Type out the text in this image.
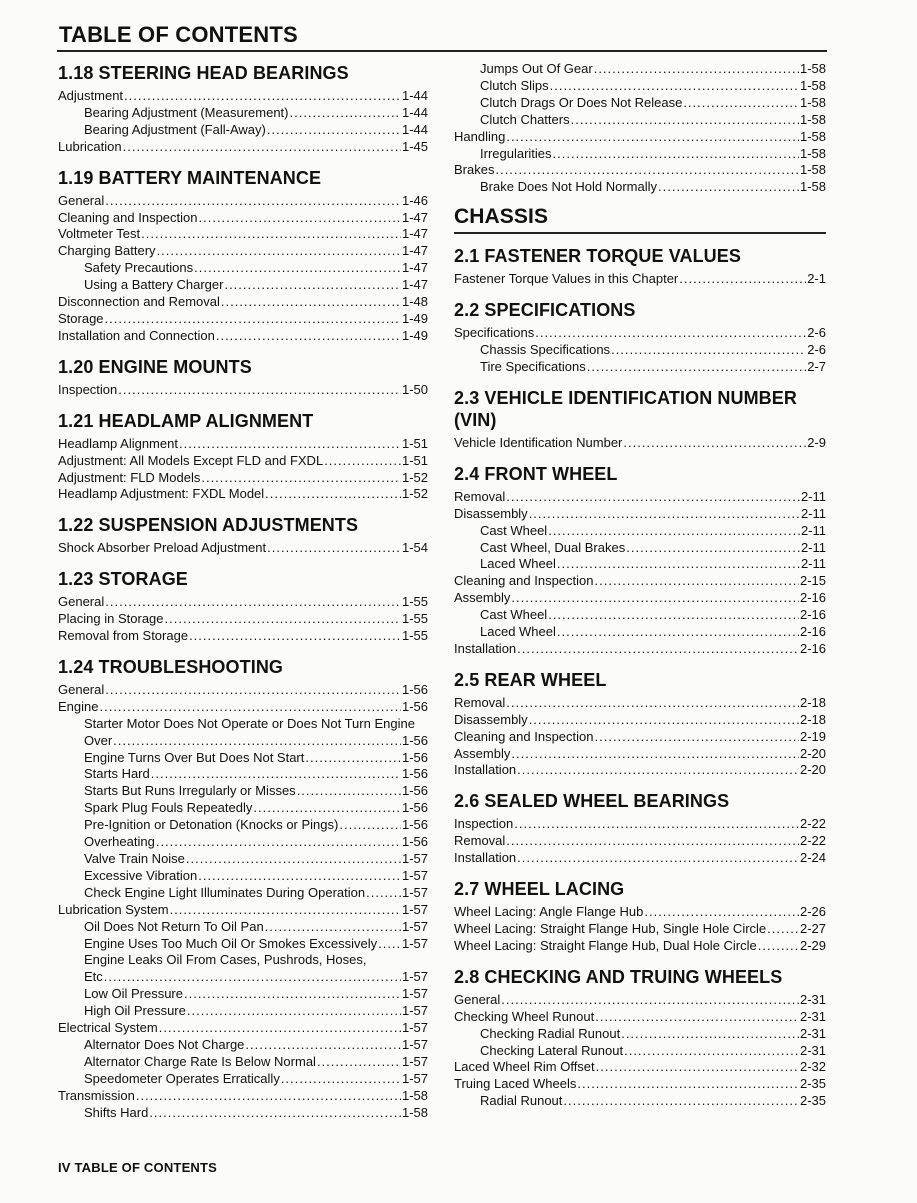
TABLE OF CONTENTS
1.18 STEERING HEAD BEARINGS
Adjustment .....	1-44
Bearing Adjustment (Measurement) .....	1-44
Bearing Adjustment (Fall-Away) .....	1-44
Lubrication .....	1-45
1.19 BATTERY MAINTENANCE
General .....	1-46
Cleaning and Inspection .....	1-47
Voltmeter Test .....	1-47
Charging Battery .....	1-47
Safety Precautions .....	1-47
Using a Battery Charger .....	1-47
Disconnection and Removal .....	1-48
Storage .....	1-49
Installation and Connection .....	1-49
1.20 ENGINE MOUNTS
Inspection .....	1-50
1.21 HEADLAMP ALIGNMENT
Headlamp Alignment .....	1-51
Adjustment: All Models Except FLD and FXDL .....	1-51
Adjustment: FLD Models .....	1-52
Headlamp Adjustment: FXDL Model .....	1-52
1.22 SUSPENSION ADJUSTMENTS
Shock Absorber Preload Adjustment .....	1-54
1.23 STORAGE
General .....	1-55
Placing in Storage .....	1-55
Removal from Storage .....	1-55
1.24 TROUBLESHOOTING
General .....	1-56
Engine .....	1-56
Starter Motor Does Not Operate or Does Not Turn Engine
Over .....	1-56
Engine Turns Over But Does Not Start .....	1-56
Starts Hard .....	1-56
Starts But Runs Irregularly or Misses .....	1-56
Spark Plug Fouls Repeatedly .....	1-56
Pre-Ignition or Detonation (Knocks or Pings) .....	1-56
Overheating .....	1-56
Valve Train Noise .....	1-57
Excessive Vibration .....	1-57
Check Engine Light Illuminates During Operation .....	1-57
Lubrication System .....	1-57
Oil Does Not Return To Oil Pan .....	1-57
Engine Uses Too Much Oil Or Smokes Excessively ..... 1-57
Engine Leaks Oil From Cases, Pushrods, Hoses,
Etc .....	1-57
Low Oil Pressure .....	1-57
High Oil Pressure .....	1-57
Electrical System .....	1-57
Alternator Does Not Charge .....	1-57
Alternator Charge Rate Is Below Normal .....	1-57
Speedometer Operates Erratically .....	1-57
Transmission .....	1-58
Shifts Hard .....	1-58
Jumps Out Of Gear .....	1-58
Clutch Slips .....	1-58
Clutch Drags Or Does Not Release .....	1-58
Clutch Chatters .....	1-58
Handling .....	1-58
Irregularities .....	1-58
Brakes .....	1-58
Brake Does Not Hold Normally .....	1-58
CHASSIS
2.1 FASTENER TORQUE VALUES
Fastener Torque Values in this Chapter .....	2-1
2.2 SPECIFICATIONS
Specifications .....	2-6
Chassis Specifications .....	2-6
Tire Specifications .....	2-7
2.3 VEHICLE IDENTIFICATION NUMBER (VIN)
Vehicle Identification Number .....	2-9
2.4 FRONT WHEEL
Removal .....	2-11
Disassembly .....	2-11
Cast Wheel .....	2-11
Cast Wheel, Dual Brakes .....	2-11
Laced Wheel .....	2-11
Cleaning and Inspection .....	2-15
Assembly .....	2-16
Cast Wheel .....	2-16
Laced Wheel .....	2-16
Installation .....	2-16
2.5 REAR WHEEL
Removal .....	2-18
Disassembly .....	2-18
Cleaning and Inspection .....	2-19
Assembly .....	2-20
Installation .....	2-20
2.6 SEALED WHEEL BEARINGS
Inspection .....	2-22
Removal .....	2-22
Installation .....	2-24
2.7 WHEEL LACING
Wheel Lacing: Angle Flange Hub .....	2-26
Wheel Lacing: Straight Flange Hub, Single Hole Circle .....	2-27
Wheel Lacing: Straight Flange Hub, Dual Hole Circle .....	2-29
2.8 CHECKING AND TRUING WHEELS
General .....	2-31
Checking Wheel Runout .....	2-31
Checking Radial Runout .....	2-31
Checking Lateral Runout .....	2-31
Laced Wheel Rim Offset .....	2-32
Truing Laced Wheels .....	2-35
Radial Runout .....	2-35
IV TABLE OF CONTENTS
